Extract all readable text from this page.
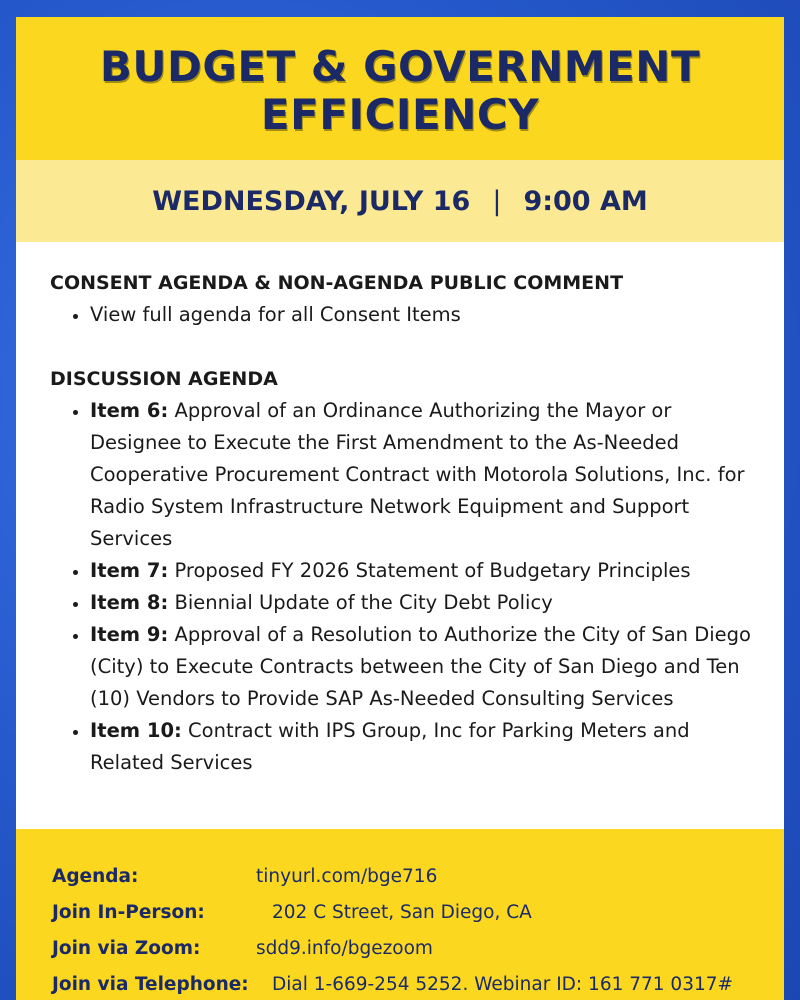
BUDGET & GOVERNMENT
EFFICIENCY
WEDNESDAY, JULY 16 | 9:00 AM

CONSENT AGENDA & NON-AGENDA PUBLIC COMMENT

• View full agenda for all Consent Items

DISCUSSION AGENDA

• Item 6: Approval of an Ordinance Authorizing the Mayor or Designee to Execute the First Amendment to the As-Needed Cooperative Procurement Contract with Motorola Solutions, Inc. for Radio System Infrastructure Network Equipment and Support Services
• Item 7: Proposed FY 2026 Statement of Budgetary Principles
• Item 8: Biennial Update of the City Debt Policy
• Item 9: Approval of a Resolution to Authorize the City of San Diego (City) to Execute Contracts between the City of San Diego and Ten (10) Vendors to Provide SAP As-Needed Consulting Services
• Item 10: Contract with IPS Group, Inc for Parking Meters and Related Services
Agenda:	tinyurl.com/bge716
Join In-Person:	202 C Street, San Diego, CA
Join via Zoom:	sdd9.info/bgezoom
Join via Telephone:	Dial 1-669-254 5252. Webinar ID: 161 771 0317#
